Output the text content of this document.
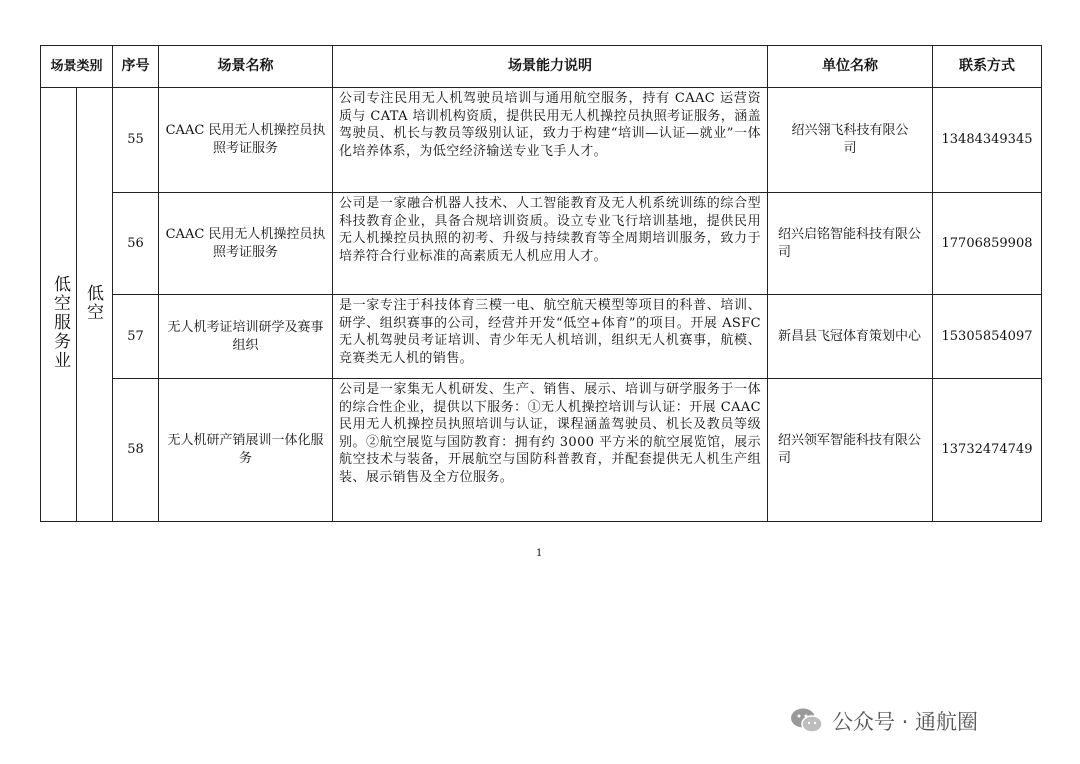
场景类别		序号	场景名称	场景能力说明	单位名称	联系方式
低空服务业	低空	55	CAAC 民用无人机操控员执照考证服务	公司专注民用无人机驾驶员培训与通用航空服务，持有 CAAC 运营资质与 CATA 培训机构资质，提供民用无人机操控员执照考证服务，涵盖驾驶员、机长与教员等级别认证，致力于构建“培训—认证—就业”一体化培养体系，为低空经济输送专业飞手人才。	绍兴翎飞科技有限公司	13484349345
		56	CAAC 民用无人机操控员执照考证服务	公司是一家融合机器人技术、人工智能教育及无人机系统训练的综合型科技教育企业，具备合规培训资质。设立专业飞行培训基地，提供民用无人机操控员执照的初考、升级与持续教育等全周期培训服务，致力于培养符合行业标准的高素质无人机应用人才。	绍兴启铭智能科技有限公司	17706859908
		57	无人机考证培训研学及赛事组织	是一家专注于科技体育三模一电、航空航天模型等项目的科普、培训、研学、组织赛事的公司，经营并开发“低空+体育”的项目。开展 ASFC 无人机驾驶员考证培训、青少年无人机培训，组织无人机赛事，航模、竞赛类无人机的销售。	新昌县飞冠体育策划中心	15305854097
		58	无人机研产销展训一体化服务	公司是一家集无人机研发、生产、销售、展示、培训与研学服务于一体的综合性企业，提供以下服务：①无人机操控培训与认证：开展 CAAC 民用无人机操控员执照培训与认证，课程涵盖驾驶员、机长及教员等级别。②航空展览与国防教育：拥有约 3000 平方米的航空展览馆，展示航空技术与装备，开展航空与国防科普教育，并配套提供无人机生产组装、展示销售及全方位服务。	绍兴领军智能科技有限公司	13732474749
1
公众号 · 通航圈
